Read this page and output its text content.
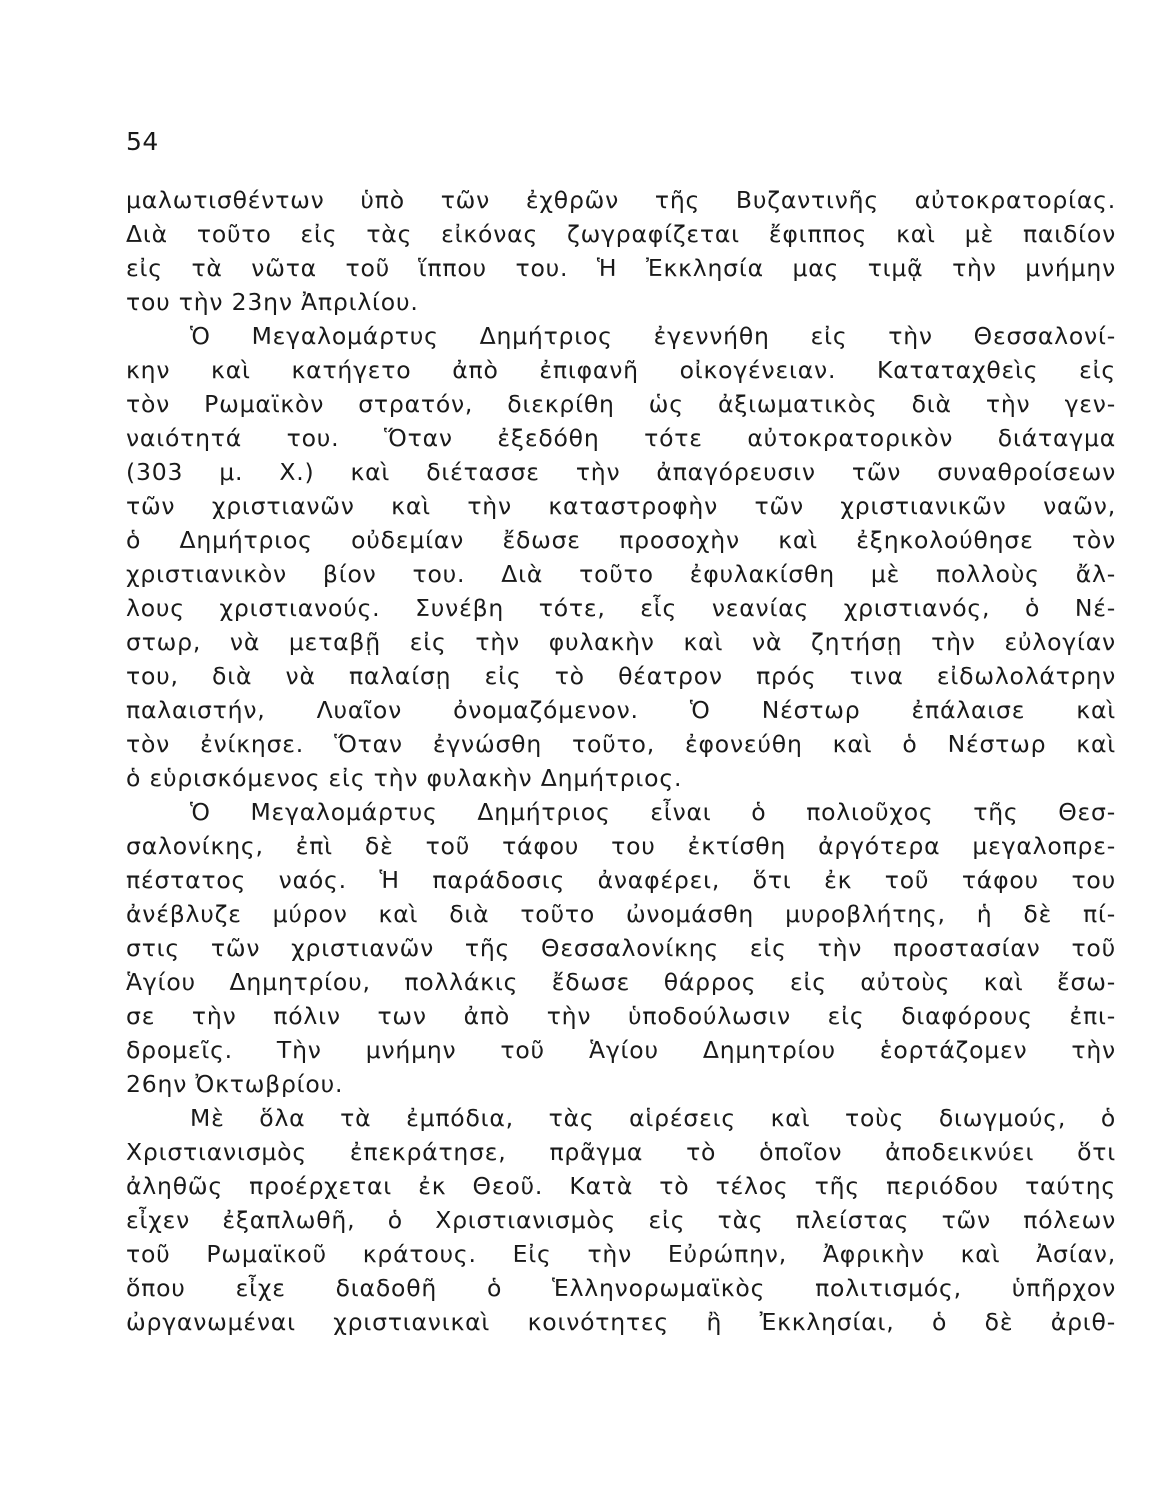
54
μαλωτισθέντων ὑπὸ τῶν ἐχθρῶν τῆς Βυζαντινῆς αὐτοκρατορίας.
Διὰ τοῦτο εἰς τὰς εἰκόνας ζωγραφίζεται ἔφιππος καὶ μὲ παιδίον
εἰς τὰ νῶτα τοῦ ἵππου του. Ἡ Ἐκκλησία μας τιμᾷ τὴν μνήμην
του τὴν 23ην Ἀπριλίου.
Ὁ Μεγαλομάρτυς Δημήτριος ἐγεννήθη εἰς τὴν Θεσσαλονί-
κην καὶ κατήγετο ἀπὸ ἐπιφανῆ οἰκογένειαν. Καταταχθεὶς εἰς
τὸν Ρωμαϊκὸν στρατόν, διεκρίθη ὡς ἀξιωματικὸς διὰ τὴν γεν-
ναιότητά του. Ὅταν ἐξεδόθη τότε αὐτοκρατορικὸν διάταγμα
(303 μ. Χ.) καὶ διέτασσε τὴν ἀπαγόρευσιν τῶν συναθροίσεων
τῶν χριστιανῶν καὶ τὴν καταστροφὴν τῶν χριστιανικῶν ναῶν,
ὁ Δημήτριος οὐδεμίαν ἔδωσε προσοχὴν καὶ ἐξηκολούθησε τὸν
χριστιανικὸν βίον του. Διὰ τοῦτο ἐφυλακίσθη μὲ πολλοὺς ἄλ-
λους χριστιανούς. Συνέβη τότε, εἷς νεανίας χριστιανός, ὁ Νέ-
στωρ, νὰ μεταβῇ εἰς τὴν φυλακὴν καὶ νὰ ζητήσῃ τὴν εὐλογίαν
του, διὰ νὰ παλαίσῃ εἰς τὸ θέατρον πρός τινα εἰδωλολάτρην
παλαιστήν, Λυαῖον ὀνομαζόμενον. Ὁ Νέστωρ ἐπάλαισε καὶ
τὸν ἐνίκησε. Ὅταν ἐγνώσθη τοῦτο, ἐφονεύθη καὶ ὁ Νέστωρ καὶ
ὁ εὑρισκόμενος εἰς τὴν φυλακὴν Δημήτριος.
Ὁ Μεγαλομάρτυς Δημήτριος εἶναι ὁ πολιοῦχος τῆς Θεσ-
σαλονίκης, ἐπὶ δὲ τοῦ τάφου του ἐκτίσθη ἀργότερα μεγαλοπρε-
πέστατος ναός. Ἡ παράδοσις ἀναφέρει, ὅτι ἐκ τοῦ τάφου του
ἀνέβλυζε μύρον καὶ διὰ τοῦτο ὠνομάσθη μυροβλήτης, ἡ δὲ πί-
στις τῶν χριστιανῶν τῆς Θεσσαλονίκης εἰς τὴν προστασίαν τοῦ
Ἁγίου Δημητρίου, πολλάκις ἔδωσε θάρρος εἰς αὐτοὺς καὶ ἔσω-
σε τὴν πόλιν των ἀπὸ τὴν ὑποδούλωσιν εἰς διαφόρους ἐπι-
δρομεῖς. Τὴν μνήμην τοῦ Ἁγίου Δημητρίου ἑορτάζομεν τὴν
26ην Ὀκτωβρίου.
Μὲ ὅλα τὰ ἐμπόδια, τὰς αἱρέσεις καὶ τοὺς διωγμούς, ὁ
Χριστιανισμὸς ἐπεκράτησε, πρᾶγμα τὸ ὁποῖον ἀποδεικνύει ὅτι
ἀληθῶς προέρχεται ἐκ Θεοῦ. Κατὰ τὸ τέλος τῆς περιόδου ταύτης
εἶχεν ἐξαπλωθῆ, ὁ Χριστιανισμὸς εἰς τὰς πλείστας τῶν πόλεων
τοῦ Ρωμαϊκοῦ κράτους. Εἰς τὴν Εὐρώπην, Ἀφρικὴν καὶ Ἀσίαν,
ὅπου εἶχε διαδοθῆ ὁ Ἑλληνορωμαϊκὸς πολιτισμός, ὑπῆρχον
ὠργανωμέναι χριστιανικαὶ κοινότητες ἢ Ἐκκλησίαι, ὁ δὲ ἀριθ-
